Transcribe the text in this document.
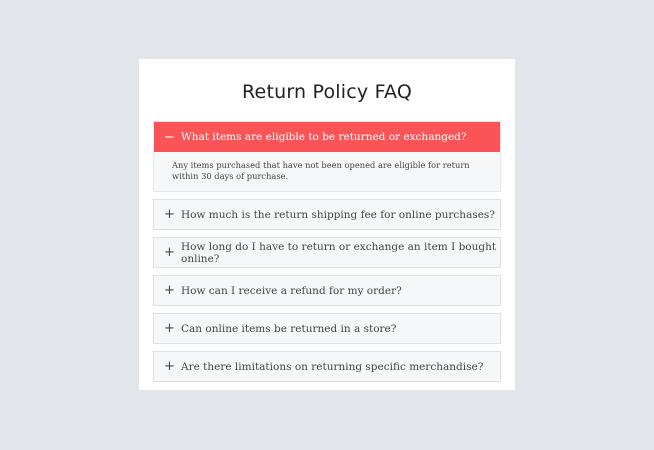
Return Policy FAQ
− What items are eligible to be returned or exchanged?
Any items purchased that have not been opened are eligible for return within 30 days of purchase.
+ How much is the return shipping fee for online purchases?
+ How long do I have to return or exchange an item I bought online?
+ How can I receive a refund for my order?
+ Can online items be returned in a store?
+ Are there limitations on returning specific merchandise?
